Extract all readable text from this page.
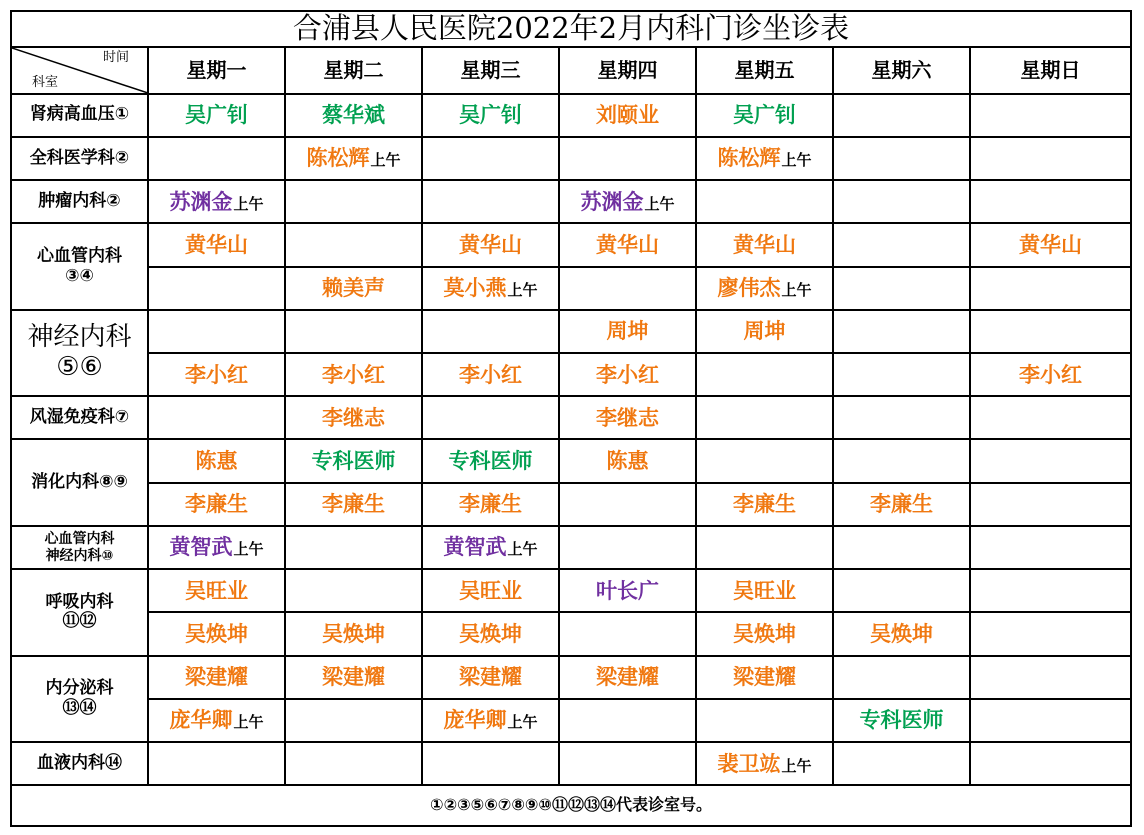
合浦县人民医院2022年2月内科门诊坐诊表							

时间
科室	星期一	星期二	星期三	星期四	星期五	星期六	星期日

肾病高血压①	吴广钊	蔡华斌	吴广钊	刘颐业	吴广钊		

全科医学科②		陈松辉上午			陈松辉上午		

肿瘤内科②	苏渊金上午			苏渊金上午			

心血管内科
③④	黄华山		黄华山	黄华山	黄华山		黄华山
		赖美声	莫小燕上午		廖伟杰上午		

神经内科
⑤⑥				周坤	周坤		
	李小红	李小红	李小红	李小红			李小红

风湿免疫科⑦		李继志		李继志			

消化内科⑧⑨	陈惠	专科医师	专科医师	陈惠			
	李廉生	李廉生	李廉生		李廉生	李廉生	

心血管内科
神经内科⑩	黄智武上午		黄智武上午				

呼吸内科
⑪⑫	吴旺业		吴旺业	叶长广	吴旺业		
	吴焕坤	吴焕坤	吴焕坤		吴焕坤	吴焕坤	

内分泌科
⑬⑭	梁建耀	梁建耀	梁建耀	梁建耀	梁建耀		
	庞华卿上午		庞华卿上午			专科医师	

血液内科⑭					裴卫竑上午		
①②③⑤⑥⑦⑧⑨⑩⑪⑫⑬⑭代表诊室号。							
